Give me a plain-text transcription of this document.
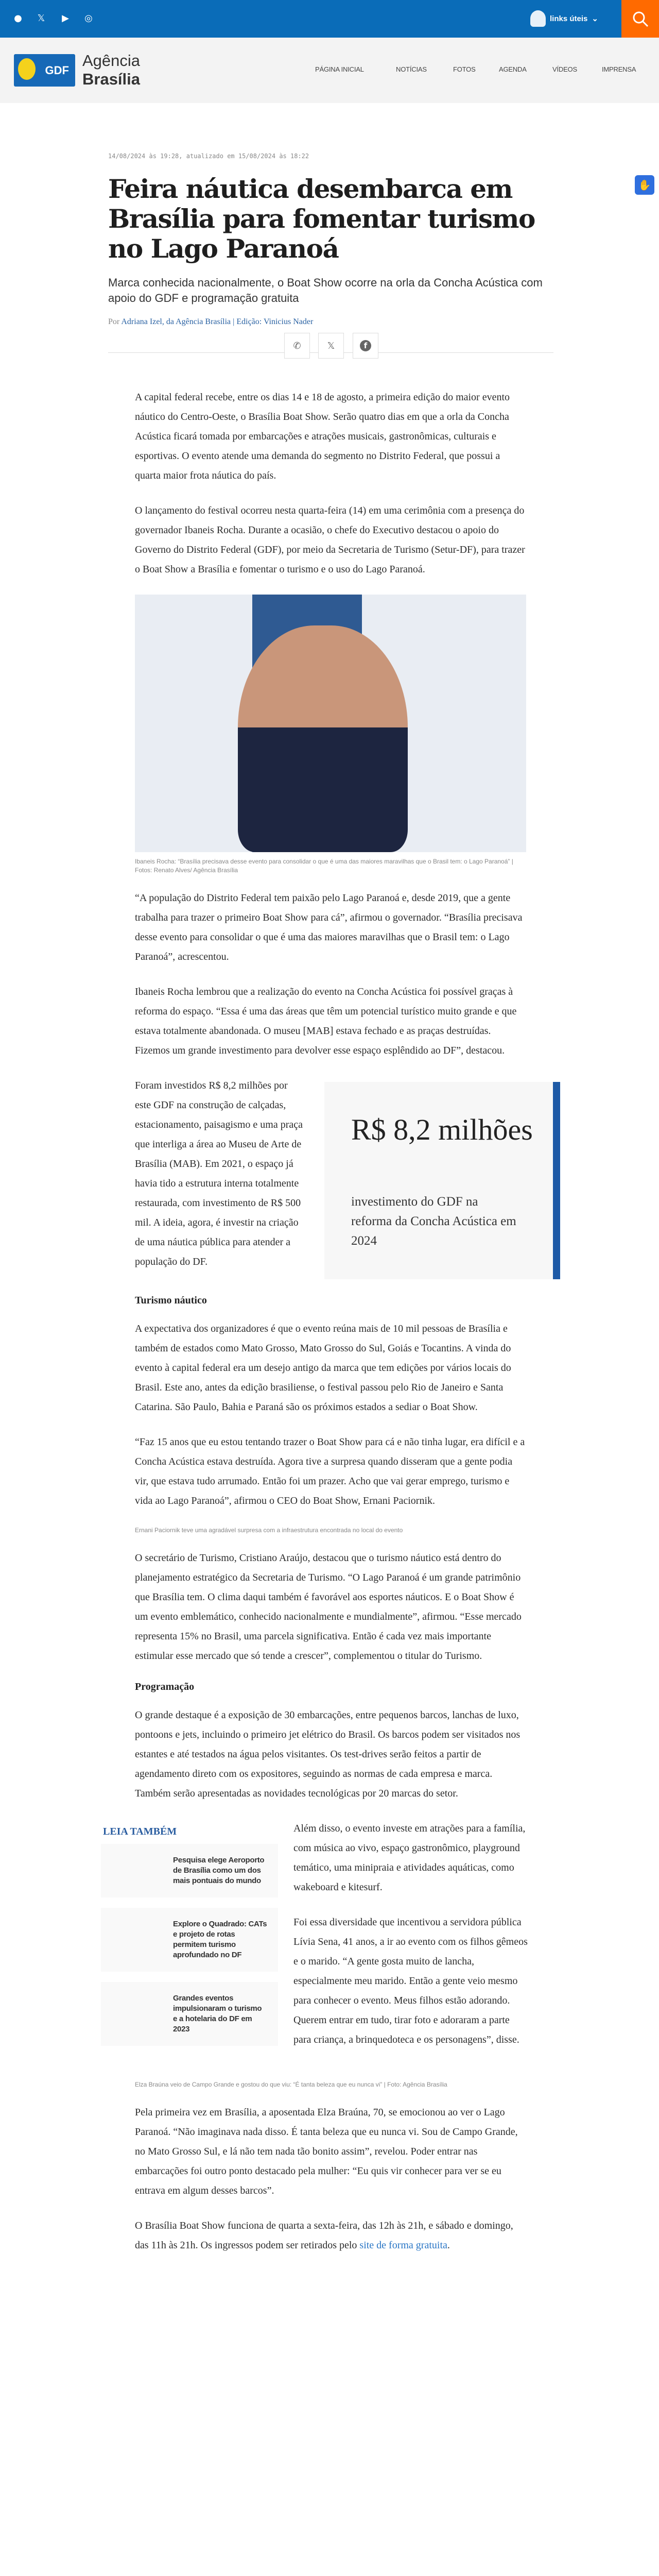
● 𝕏 ▶ ◎	links úteis ⌄
GDF
Agência
Brasília
PÁGINA INICIAL	NOTÍCIAS	FOTOS	AGENDA	VÍDEOS	IMPRENSA
✋
14/08/2024 às 19:28, atualizado em 15/08/2024 às 18:22
Feira náutica desembarca em Brasília para fomentar turismo no Lago Paranoá
Marca conhecida nacionalmente, o Boat Show ocorre na orla da Concha Acústica com apoio do GDF e programação gratuita
Por Adriana Izel, da Agência Brasília | Edição: Vinicius Nader
✆	𝕏	f

A capital federal recebe, entre os dias 14 e 18 de agosto, a primeira edição do maior evento náutico do Centro-Oeste, o Brasília Boat Show. Serão quatro dias em que a orla da Concha Acústica ficará tomada por embarcações e atrações musicais, gastronômicas, culturais e esportivas. O evento atende uma demanda do segmento no Distrito Federal, que possui a quarta maior frota náutica do país.

O lançamento do festival ocorreu nesta quarta-feira (14) em uma cerimônia com a presença do governador Ibaneis Rocha. Durante a ocasião, o chefe do Executivo destacou o apoio do Governo do Distrito Federal (GDF), por meio da Secretaria de Turismo (Setur-DF), para trazer o Boat Show a Brasília e fomentar o turismo e o uso do Lago Paranoá.

Ibaneis Rocha: “Brasília precisava desse evento para consolidar o que é uma das maiores maravilhas que o Brasil tem: o Lago Paranoá” | Fotos: Renato Alves/ Agência Brasília

“A população do Distrito Federal tem paixão pelo Lago Paranoá e, desde 2019, que a gente trabalha para trazer o primeiro Boat Show para cá”, afirmou o governador. “Brasília precisava desse evento para consolidar o que é uma das maiores maravilhas que o Brasil tem: o Lago Paranoá”, acrescentou.

Ibaneis Rocha lembrou que a realização do evento na Concha Acústica foi possível graças à reforma do espaço. “Essa é uma das áreas que têm um potencial turístico muito grande e que estava totalmente abandonada. O museu [MAB] estava fechado e as praças destruídas. Fizemos um grande investimento para devolver esse espaço esplêndido ao DF”, destacou.

Foram investidos R$ 8,2 milhões por este GDF na construção de calçadas, estacionamento, paisagismo e uma praça que interliga a área ao Museu de Arte de Brasília (MAB). Em 2021, o espaço já havia tido a estrutura interna totalmente restaurada, com investimento de R$ 500 mil. A ideia, agora, é investir na criação de uma náutica pública para atender a população do DF.

R$ 8,2 milhões
investimento do GDF na reforma da Concha Acústica em 2024
Turismo náutico

A expectativa dos organizadores é que o evento reúna mais de 10 mil pessoas de Brasília e também de estados como Mato Grosso, Mato Grosso do Sul, Goiás e Tocantins. A vinda do evento à capital federal era um desejo antigo da marca que tem edições por vários locais do Brasil. Este ano, antes da edição brasiliense, o festival passou pelo Rio de Janeiro e Santa Catarina. São Paulo, Bahia e Paraná são os próximos estados a sediar o Boat Show.

“Faz 15 anos que eu estou tentando trazer o Boat Show para cá e não tinha lugar, era difícil e a Concha Acústica estava destruída. Agora tive a surpresa quando disseram que a gente podia vir, que estava tudo arrumado. Então foi um prazer. Acho que vai gerar emprego, turismo e vida ao Lago Paranoá”, afirmou o CEO do Boat Show, Ernani Paciornik.

Ernani Paciornik teve uma agradável surpresa com a infraestrutura encontrada no local do evento

O secretário de Turismo, Cristiano Araújo, destacou que o turismo náutico está dentro do planejamento estratégico da Secretaria de Turismo. “O Lago Paranoá é um grande patrimônio que Brasília tem. O clima daqui também é favorável aos esportes náuticos. E o Boat Show é um evento emblemático, conhecido nacionalmente e mundialmente”, afirmou. “Esse mercado representa 15% no Brasil, uma parcela significativa. Então é cada vez mais importante estimular esse mercado que só tende a crescer”, complementou o titular do Turismo.

Programação

O grande destaque é a exposição de 30 embarcações, entre pequenos barcos, lanchas de luxo, pontoons e jets, incluindo o primeiro jet elétrico do Brasil. Os barcos podem ser visitados nos estantes e até testados na água pelos visitantes. Os test-drives serão feitos a partir de agendamento direto com os expositores, seguindo as normas de cada empresa e marca. Também serão apresentadas as novidades tecnológicas por 20 marcas do setor.

LEIA TAMBÉM
Pesquisa elege Aeroporto de Brasília como um dos mais pontuais do mundo
Explore o Quadrado: CATs e projeto de rotas permitem turismo aprofundado no DF
Grandes eventos impulsionaram o turismo e a hotelaria do DF em 2023

Além disso, o evento investe em atrações para a família, com música ao vivo, espaço gastronômico, playground temático, uma minipraia e atividades aquáticas, como wakeboard e kitesurf.

Foi essa diversidade que incentivou a servidora pública Lívia Sena, 41 anos, a ir ao evento com os filhos gêmeos e o marido. “A gente gosta muito de lancha, especialmente meu marido. Então a gente veio mesmo para conhecer o evento. Meus filhos estão adorando. Querem entrar em tudo, tirar foto e adoraram a parte para criança, a brinquedoteca e os personagens”, disse.

Elza Braúna veio de Campo Grande e gostou do que viu: “É tanta beleza que eu nunca vi” | Foto: Agência Brasília

Pela primeira vez em Brasília, a aposentada Elza Braúna, 70, se emocionou ao ver o Lago Paranoá. “Não imaginava nada disso. É tanta beleza que eu nunca vi. Sou de Campo Grande, no Mato Grosso Sul, e lá não tem nada tão bonito assim”, revelou. Poder entrar nas embarcações foi outro ponto destacado pela mulher: “Eu quis vir conhecer para ver se eu entrava em algum desses barcos”.

O Brasília Boat Show funciona de quarta a sexta-feira, das 12h às 21h, e sábado e domingo, das 11h às 21h. Os ingressos podem ser retirados pelo site de forma gratuita.
